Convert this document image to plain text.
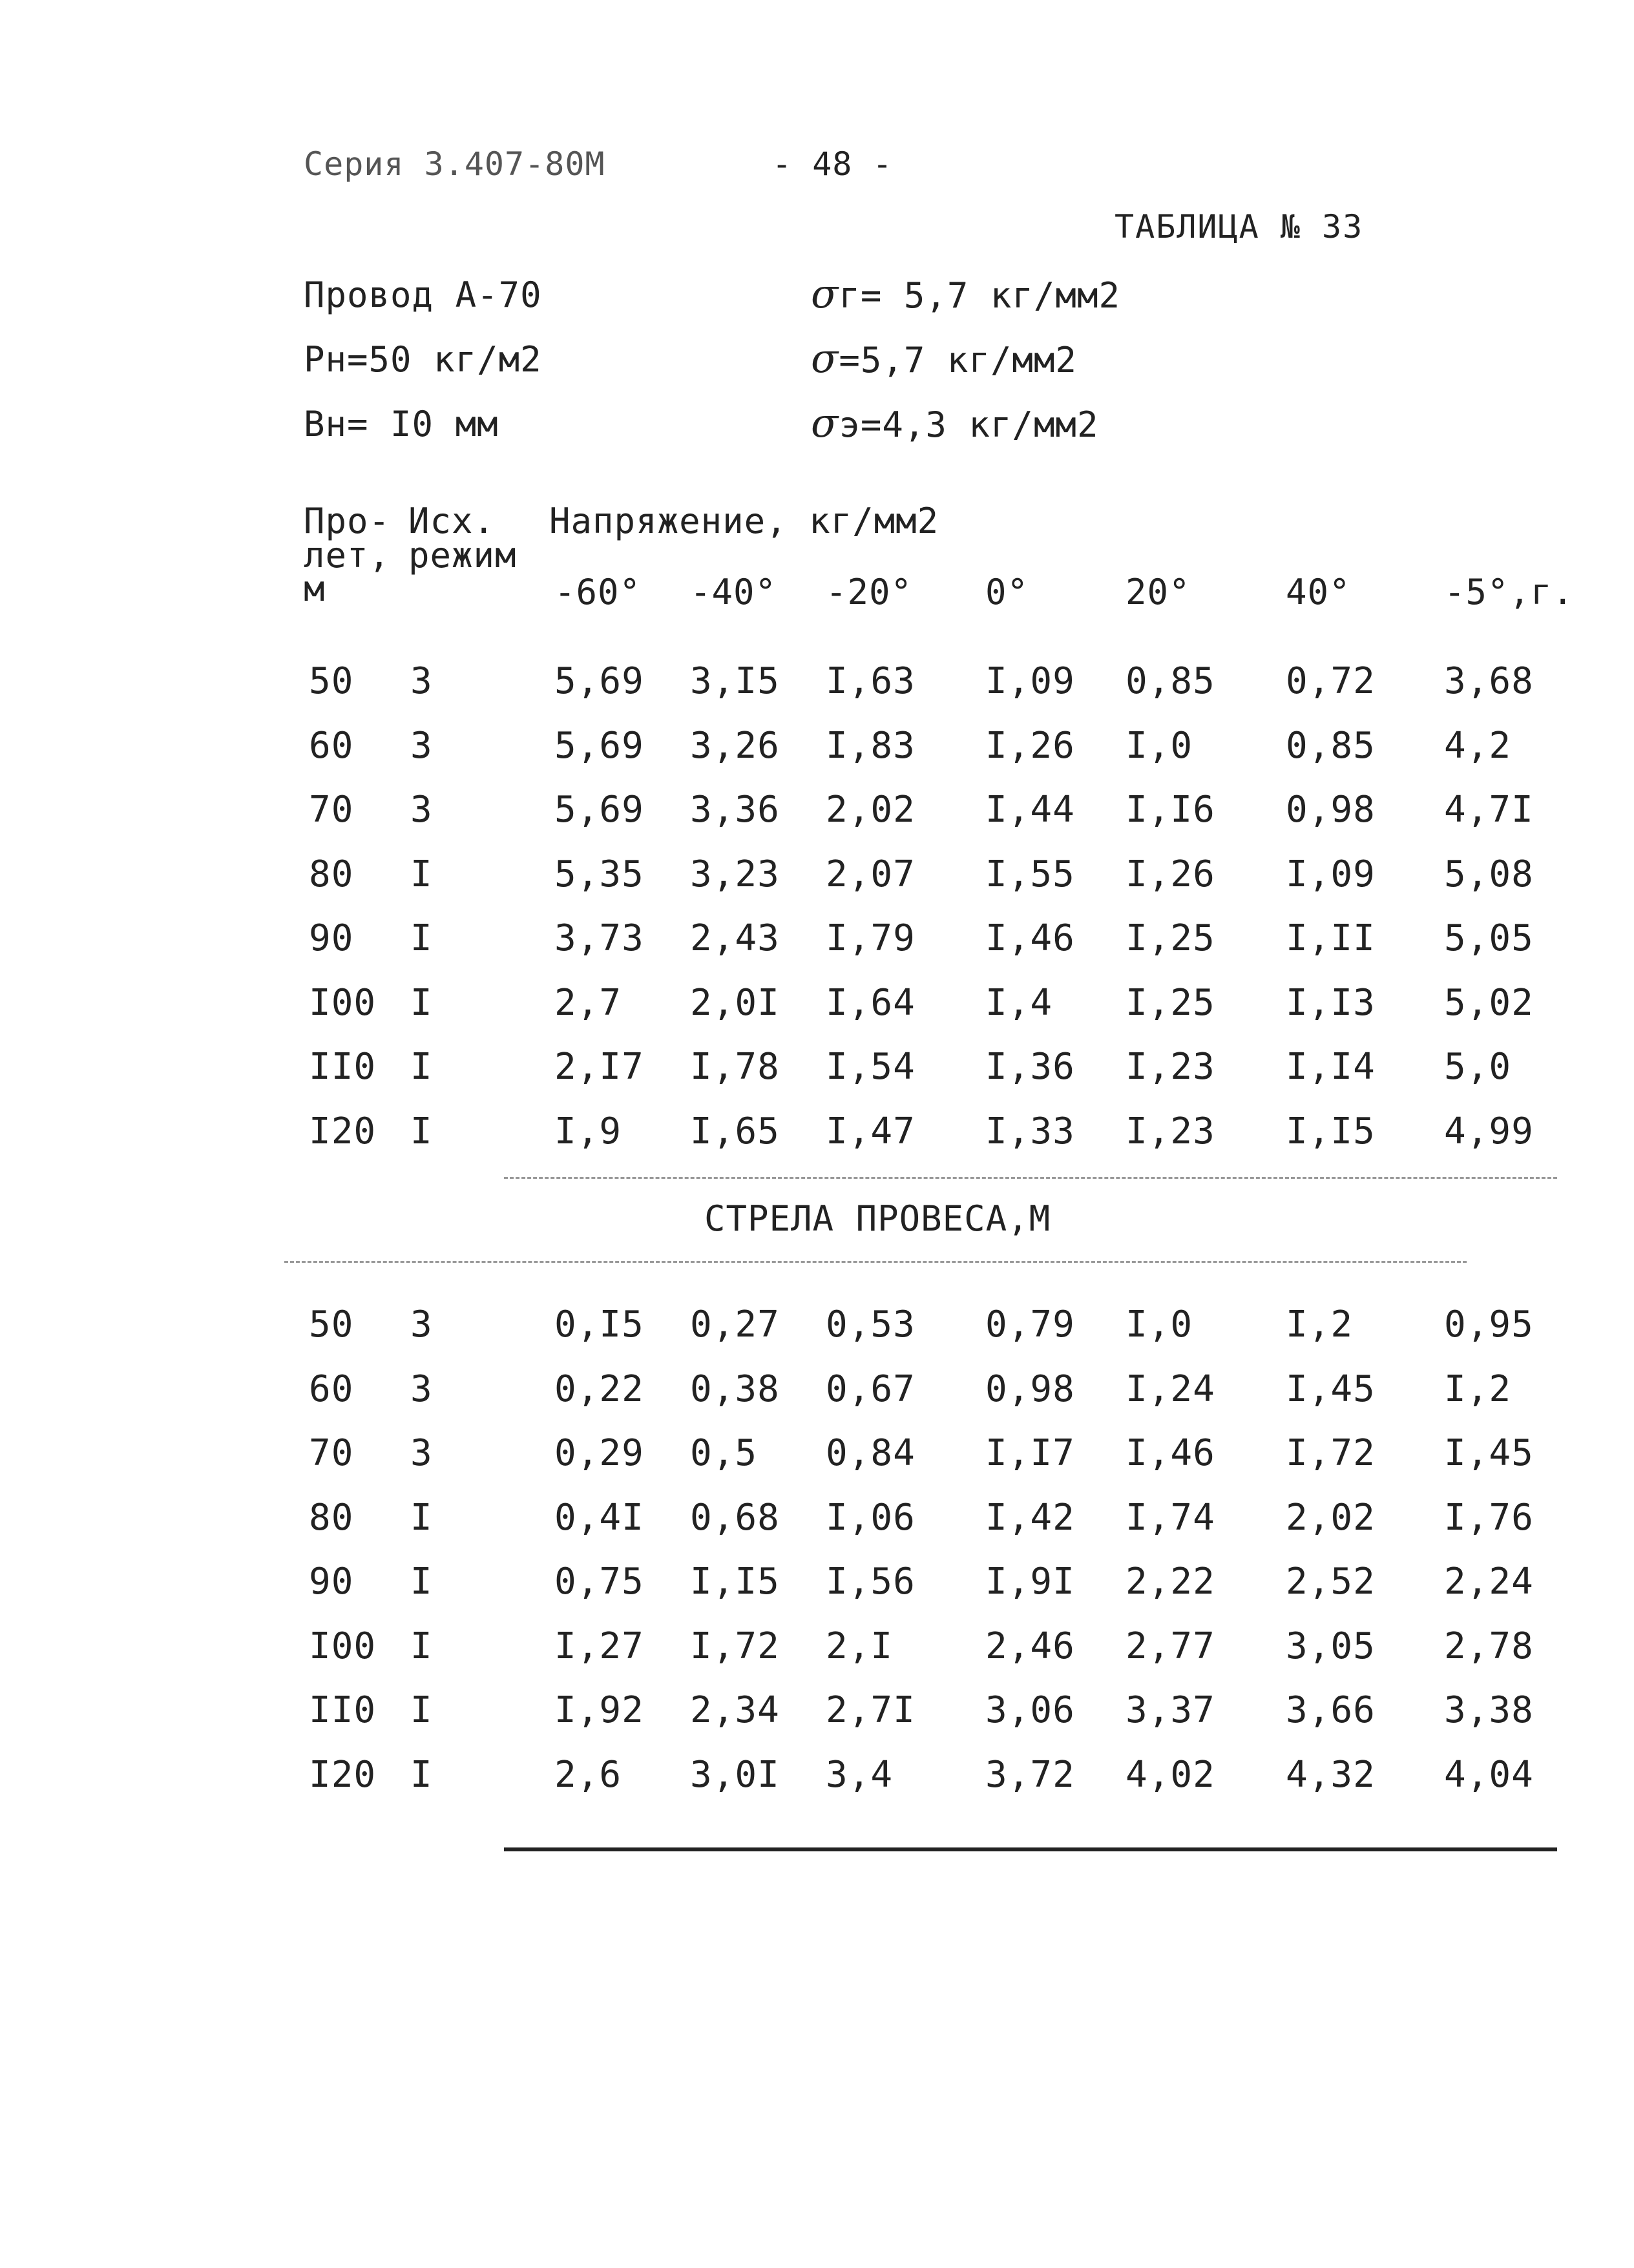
Серия 3.407-80М	- 48 -
ТАБЛИЦА № 33
Провод А-70
Рн=50 кг/м2
Вн= I0 мм
σг= 5,7 кг/мм2
σ=5,7 кг/мм2
σэ=4,3 кг/мм2
Про-
лет,
м
Исх.
режим
Напряжение, кг/мм2
-60° -40° -20° 0°	20°	40°	-5°,г.
50 3	5,69 3,I5 I,63 I,09 0,85 0,72 3,68
60 3	5,69 3,26 I,83 I,26 I,0	0,85 4,2
70 3	5,69 3,36 2,02 I,44 I,I6 0,98 4,7I
80 I	5,35 3,23 2,07 I,55 I,26 I,09 5,08
90 I	3,73 2,43 I,79 I,46 I,25 I,II 5,05
I00 I	2,7 2,0I I,64 I,4 I,25 I,I3 5,02
II0 I	2,I7 I,78 I,54 I,36 I,23 I,I4 5,0
I20 I	I,9 I,65 I,47 I,33 I,23 I,I5 4,99
СТРЕЛА ПРОВЕСА,М
50 3	0,I5 0,27 0,53 0,79 I,0	I,2	0,95
60 3	0,22 0,38 0,67 0,98 I,24 I,45 I,2
70 3	0,29 0,5 0,84 I,I7 I,46 I,72 I,45
80 I	0,4I 0,68 I,06 I,42 I,74 2,02 I,76
90 I	0,75 I,I5 I,56 I,9I 2,22 2,52 2,24
I00 I	I,27 I,72 2,I	2,46 2,77 3,05 2,78
II0 I	I,92 2,34 2,7I 3,06 3,37 3,66 3,38
I20 I	2,6 3,0I 3,4	3,72 4,02 4,32 4,04
